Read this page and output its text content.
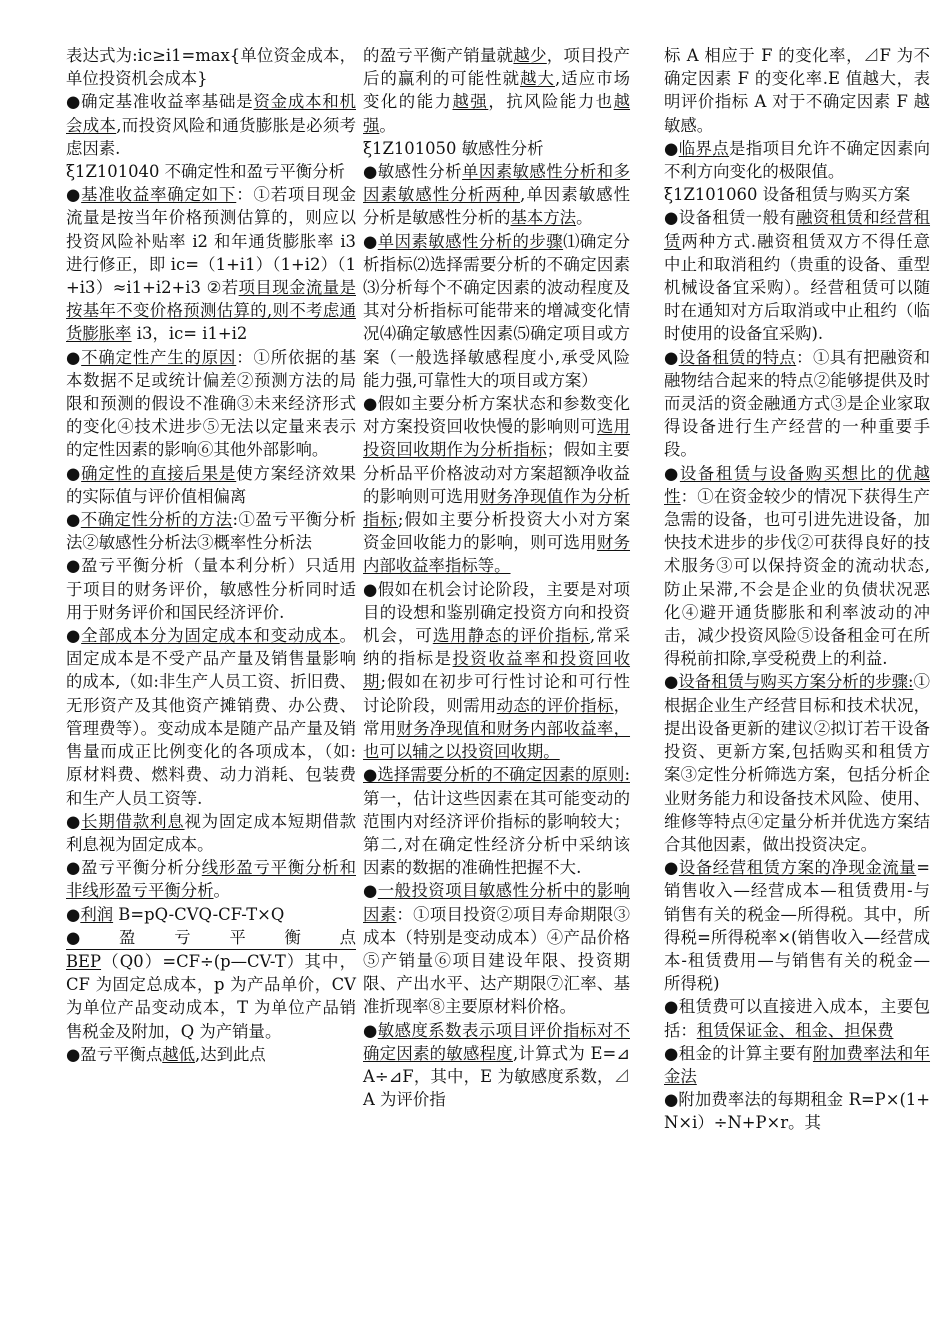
表达式为:ic≥i1=max{单位资金成本，单位投资机会成本}

●确定基准收益率基础是资金成本和机会成本,而投资风险和通货膨胀是必须考虑因素.

ξ1Z101040 不确定性和盈亏平衡分析

●基准收益率确定如下：①若项目现金流量是按当年价格预测估算的，则应以投资风险补贴率 i2 和年通货膨胀率 i3 进行修正，即 ic=（1+i1）（1+i2）（1+i3）≈i1+i2+i3 ②若项目现金流量是按基年不变价格预测估算的,则不考虑通货膨胀率 i3，ic= i1+i2

●不确定性产生的原因：①所依据的基本数据不足或统计偏差②预测方法的局限和预测的假设不准确③未来经济形式的变化④技术进步⑤无法以定量来表示的定性因素的影响⑥其他外部影响。

●确定性的直接后果是使方案经济效果的实际值与评价值相偏离

●不确定性分析的方法:①盈亏平衡分析法②敏感性分析法③概率性分析法

●盈亏平衡分析（量本利分析）只适用于项目的财务评价，敏感性分析同时适用于财务评价和国民经济评价.

●全部成本分为固定成本和变动成本。固定成本是不受产品产量及销售量影响的成本,（如:非生产人员工资、折旧费、无形资产及其他资产摊销费、办公费、管理费等）。变动成本是随产品产量及销售量而成正比例变化的各项成本，（如:原材料费、燃料费、动力消耗、包装费和生产人员工资等.

●长期借款利息视为固定成本短期借款利息视为固定成本。

●盈亏平衡分析分线形盈亏平衡分析和非线形盈亏平衡分析。

●利润 B=pQ-CVQ-CF-T×Q

● 盈 亏 平 衡 点

BEP（Q0）=CF÷(p—CV-T）其中，CF 为固定总成本，p 为产品单价，CV 为单位产品变动成本，T 为单位产品销售税金及附加，Q 为产销量。

●盈亏平衡点越低,达到此点

的盈亏平衡产销量就越少，项目投产后的赢利的可能性就越大,适应市场变化的能力越强，抗风险能力也越强。

ξ1Z101050 敏感性分析

●敏感性分析单因素敏感性分析和多因素敏感性分析两种,单因素敏感性分析是敏感性分析的基本方法。

●单因素敏感性分析的步骤⑴确定分析指标⑵选择需要分析的不确定因素⑶分析每个不确定因素的波动程度及其对分析指标可能带来的增减变化情况⑷确定敏感性因素⑸确定项目或方案（一般选择敏感程度小,承受风险能力强,可靠性大的项目或方案）

●假如主要分析方案状态和参数变化对方案投资回收快慢的影响则可选用投资回收期作为分析指标；假如主要分析品平价格波动对方案超额净收益的影响则可选用财务净现值作为分析指标;假如主要分析投资大小对方案资金回收能力的影响，则可选用财务内部收益率指标等。

●假如在机会讨论阶段，主要是对项目的设想和鉴别确定投资方向和投资机会，可选用静态的评价指标,常采纳的指标是投资收益率和投资回收期;假如在初步可行性讨论和可行性讨论阶段，则需用动态的评价指标，常用财务净现值和财务内部收益率，也可以辅之以投资回收期。

●选择需要分析的不确定因素的原则:第一，估计这些因素在其可能变动的范围内对经济评价指标的影响较大；第二,对在确定性经济分析中采纳该因素的数据的准确性把握不大.

●一般投资项目敏感性分析中的影响因素：①项目投资②项目寿命期限③成本（特别是变动成本）④产品价格⑤产销量⑥项目建设年限、投资期限、产出水平、达产期限⑦汇率、基准折现率⑧主要原材料价格。

●敏感度系数表示项目评价指标对不确定因素的敏感程度,计算式为 E=⊿A÷⊿F，其中，E 为敏感度系数，⊿A 为评价指

标 A 相应于 F 的变化率，⊿F 为不确定因素 F 的变化率.E 值越大，表明评价指标 A 对于不确定因素 F 越敏感。

●临界点是指项目允许不确定因素向不利方向变化的极限值。

ξ1Z101060 设备租赁与购买方案

●设备租赁一般有融资租赁和经营租赁两种方式.融资租赁双方不得任意中止和取消租约（贵重的设备、重型机械设备宜采购）。经营租赁可以随时在通知对方后取消或中止租约（临时使用的设备宜采购).

●设备租赁的特点：①具有把融资和融物结合起来的特点②能够提供及时而灵活的资金融通方式③是企业家取得设备进行生产经营的一种重要手段。

●设备租赁与设备购买想比的优越性：①在资金较少的情况下获得生产急需的设备，也可引进先进设备，加快技术进步的步伐②可获得良好的技术服务③可以保持资金的流动状态,防止呆滞,不会是企业的负债状况恶化④避开通货膨胀和利率波动的冲击，减少投资风险⑤设备租金可在所得税前扣除,享受税费上的利益.

●设备租赁与购买方案分析的步骤:①根据企业生产经营目标和技术状况，提出设备更新的建议②拟订若干设备投资、更新方案,包括购买和租赁方案③定性分析筛选方案，包括分析企业财务能力和设备技术风险、使用、维修等特点④定量分析并优选方案结合其他因素，做出投资决定。

●设备经营租赁方案的净现金流量=销售收入—经营成本—租赁费用-与销售有关的税金—所得税。其中，所得税=所得税率×(销售收入—经营成本-租赁费用—与销售有关的税金—所得税)

●租赁费可以直接进入成本，主要包括：租赁保证金、租金、担保费

●租金的计算主要有附加费率法和年金法

●附加费率法的每期租金 R=P×(1+N×i）÷N+P×r。其
